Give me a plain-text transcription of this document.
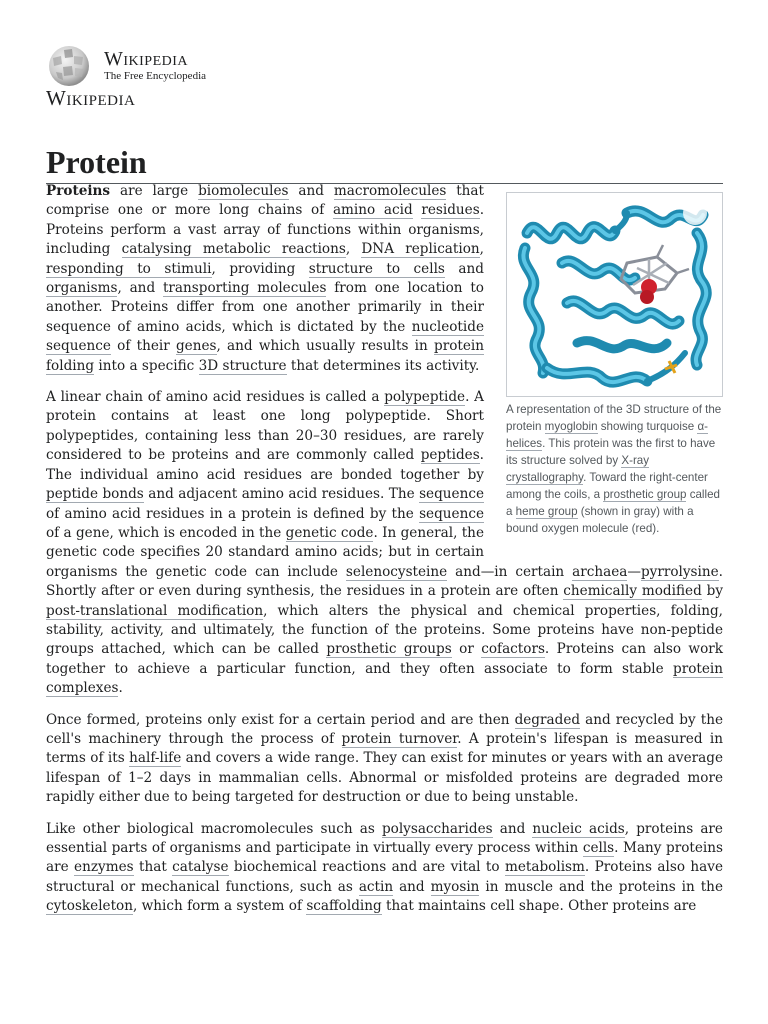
Wikipedia
The Free Encyclopedia
Wikipedia
Protein
A representation of the 3D structure of the protein myoglobin showing turquoise α-helices. This protein was the first to have its structure solved by X-ray crystallography. Toward the right-center among the coils, a prosthetic group called a heme group (shown in gray) with a bound oxygen molecule (red).

Proteins are large biomolecules and macromolecules that comprise one or more long chains of amino acid residues. Proteins perform a vast array of functions within organisms, including catalysing metabolic reactions, DNA replication, responding to stimuli, providing structure to cells and organisms, and transporting molecules from one location to another. Proteins differ from one another primarily in their sequence of amino acids, which is dictated by the nucleotide sequence of their genes, and which usually results in protein folding into a specific 3D structure that determines its activity.

A linear chain of amino acid residues is called a polypeptide. A protein contains at least one long polypeptide. Short polypeptides, containing less than 20–30 residues, are rarely considered to be proteins and are commonly called peptides. The individual amino acid residues are bonded together by peptide bonds and adjacent amino acid residues. The sequence of amino acid residues in a protein is defined by the sequence of a gene, which is encoded in the genetic code. In general, the genetic code specifies 20 standard amino acids; but in certain organisms the genetic code can include selenocysteine and—in certain archaea—pyrrolysine. Shortly after or even during synthesis, the residues in a protein are often chemically modified by post-translational modification, which alters the physical and chemical properties, folding, stability, activity, and ultimately, the function of the proteins. Some proteins have non-peptide groups attached, which can be called prosthetic groups or cofactors. Proteins can also work together to achieve a particular function, and they often associate to form stable protein complexes.

Once formed, proteins only exist for a certain period and are then degraded and recycled by the cell's machinery through the process of protein turnover. A protein's lifespan is measured in terms of its half-life and covers a wide range. They can exist for minutes or years with an average lifespan of 1–2 days in mammalian cells. Abnormal or misfolded proteins are degraded more rapidly either due to being targeted for destruction or due to being unstable.

Like other biological macromolecules such as polysaccharides and nucleic acids, proteins are essential parts of organisms and participate in virtually every process within cells. Many proteins are enzymes that catalyse biochemical reactions and are vital to metabolism. Proteins also have structural or mechanical functions, such as actin and myosin in muscle and the proteins in the cytoskeleton, which form a system of scaffolding that maintains cell shape. Other proteins are
